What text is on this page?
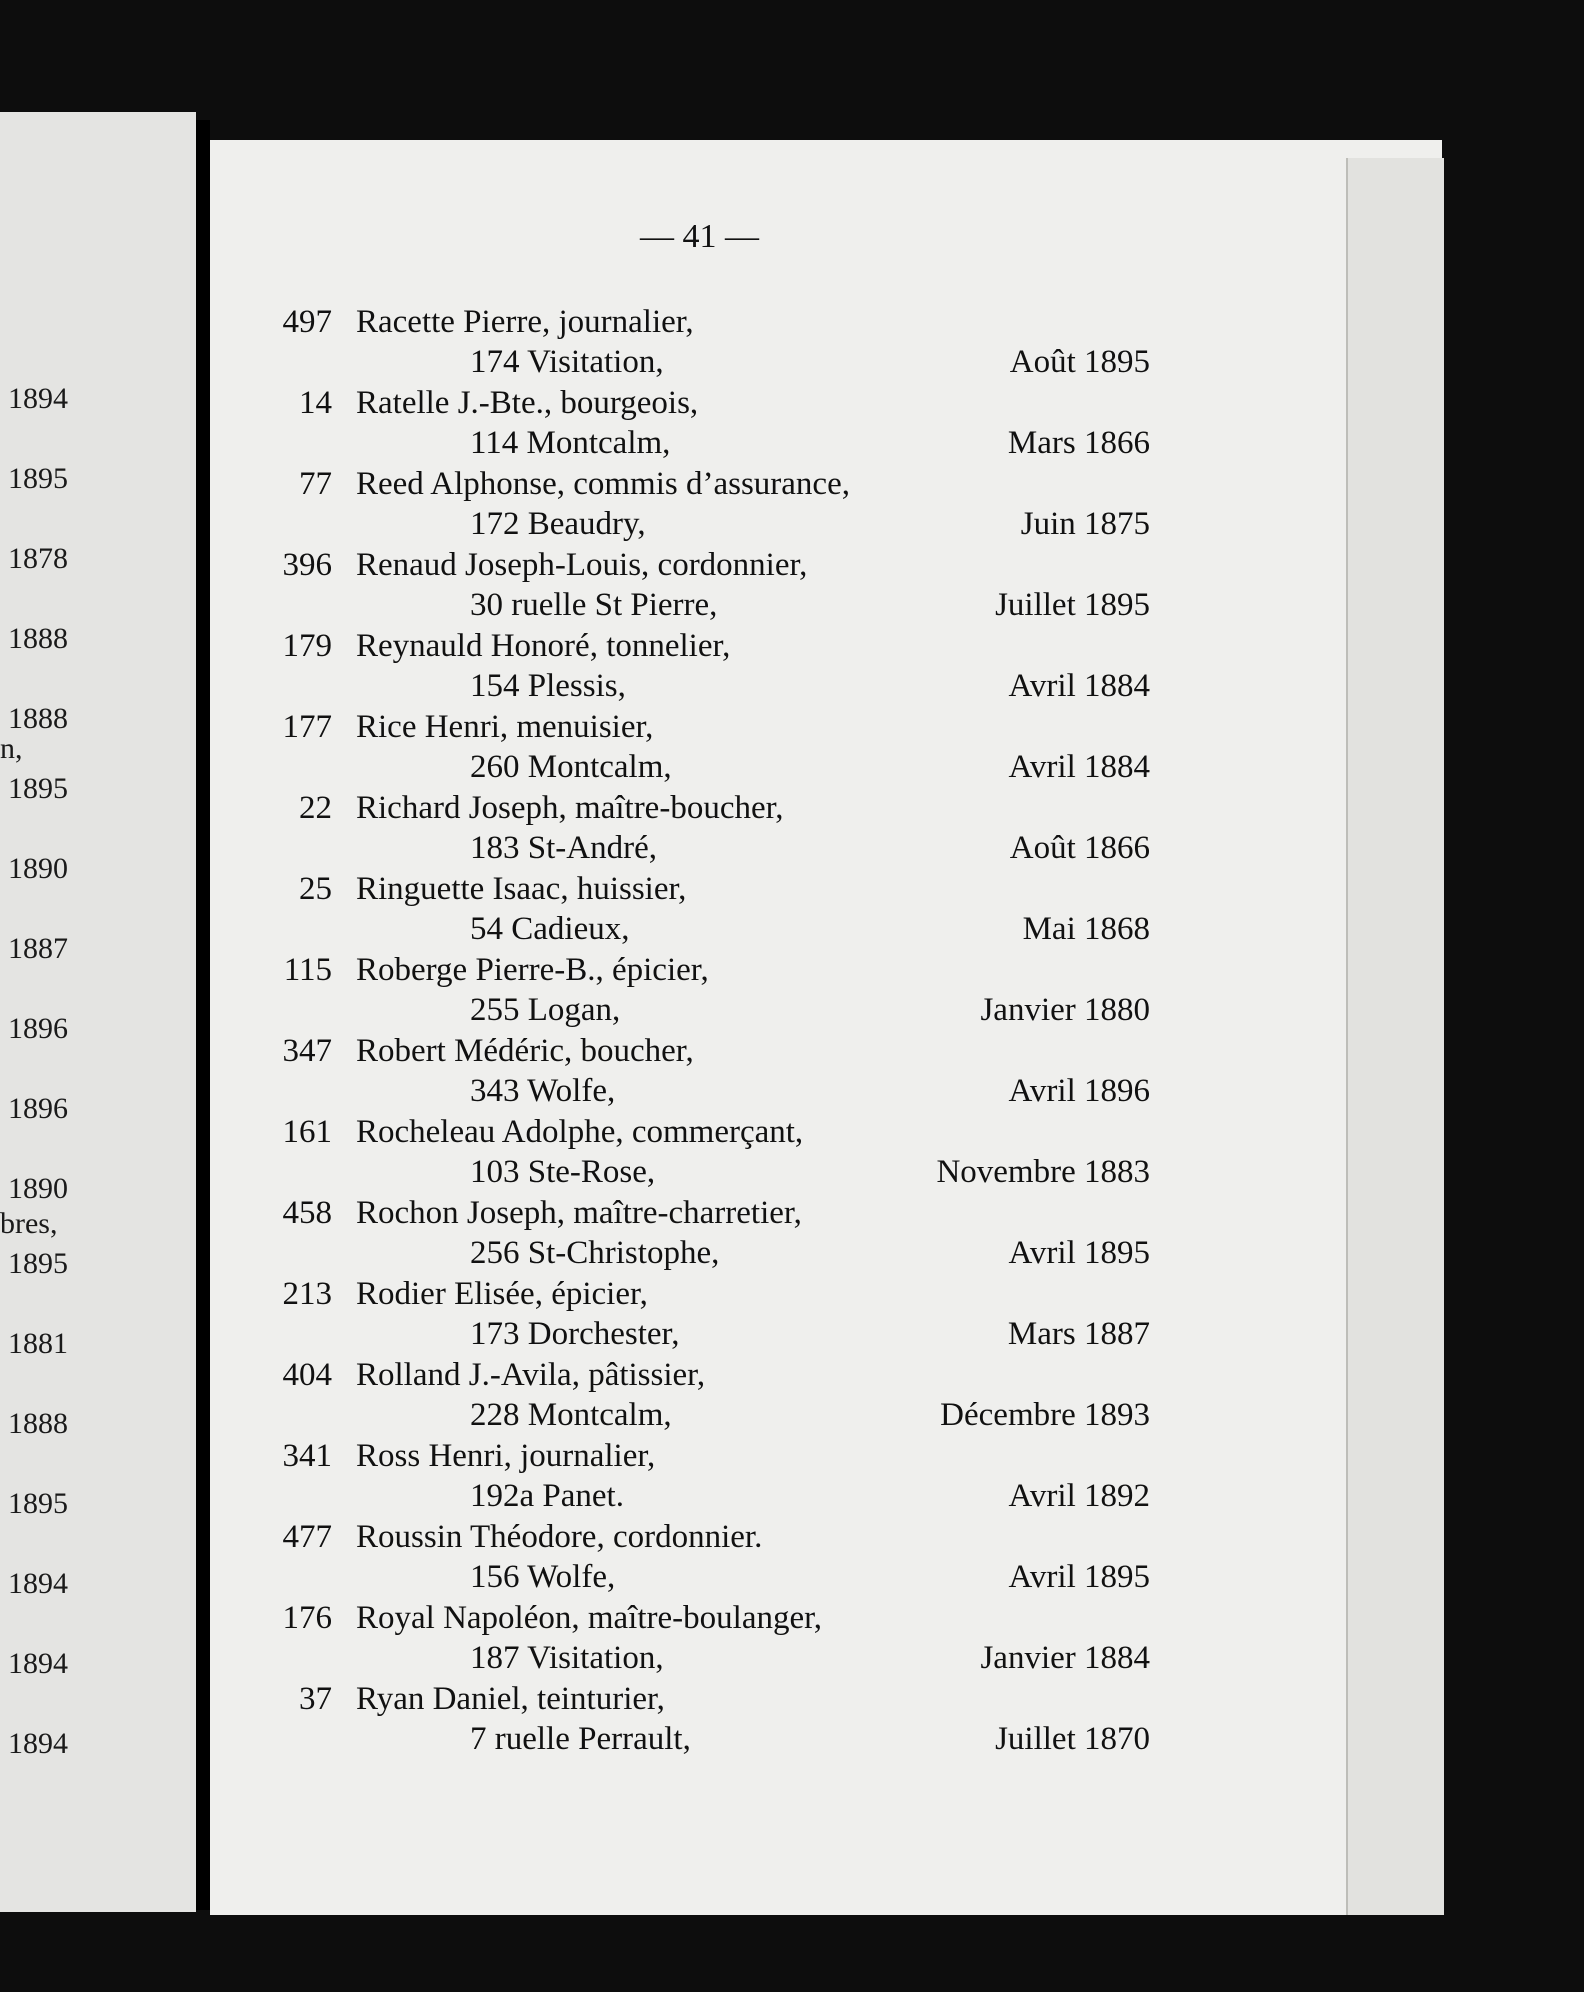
1894
1895
1878
1888
1888
n,
1895
1890
1887
1896
1896
1890
bres,
1895
1881
1888
1895
1894
1894
1894
— 41 —
497 Racette Pierre, journalier,
174 Visitation,	Août 1895
14 Ratelle J.-Bte., bourgeois,
114 Montcalm,	Mars 1866
77 Reed Alphonse, commis d’assurance,
172 Beaudry,	Juin 1875
396 Renaud Joseph-Louis, cordonnier,
30 ruelle St Pierre,	Juillet 1895
179 Reynauld Honoré, tonnelier,
154 Plessis,	Avril 1884
177 Rice Henri, menuisier,
260 Montcalm,	Avril 1884
22 Richard Joseph, maître-boucher,
183 St-André,	Août 1866
25 Ringuette Isaac, huissier,
54 Cadieux,	Mai 1868
115 Roberge Pierre-B., épicier,
255 Logan,	Janvier 1880
347 Robert Médéric, boucher,
343 Wolfe,	Avril 1896
161 Rocheleau Adolphe, commerçant,
103 Ste-Rose,	Novembre 1883
458 Rochon Joseph, maître-charretier,
256 St-Christophe,	Avril 1895
213 Rodier Elisée, épicier,
173 Dorchester,	Mars 1887
404 Rolland J.-Avila, pâtissier,
228 Montcalm,	Décembre 1893
341 Ross Henri, journalier,
192a Panet.	Avril 1892
477 Roussin Théodore, cordonnier.
156 Wolfe,	Avril 1895
176 Royal Napoléon, maître-boulanger,
187 Visitation,	Janvier 1884
37 Ryan Daniel, teinturier,
7 ruelle Perrault,	Juillet 1870
